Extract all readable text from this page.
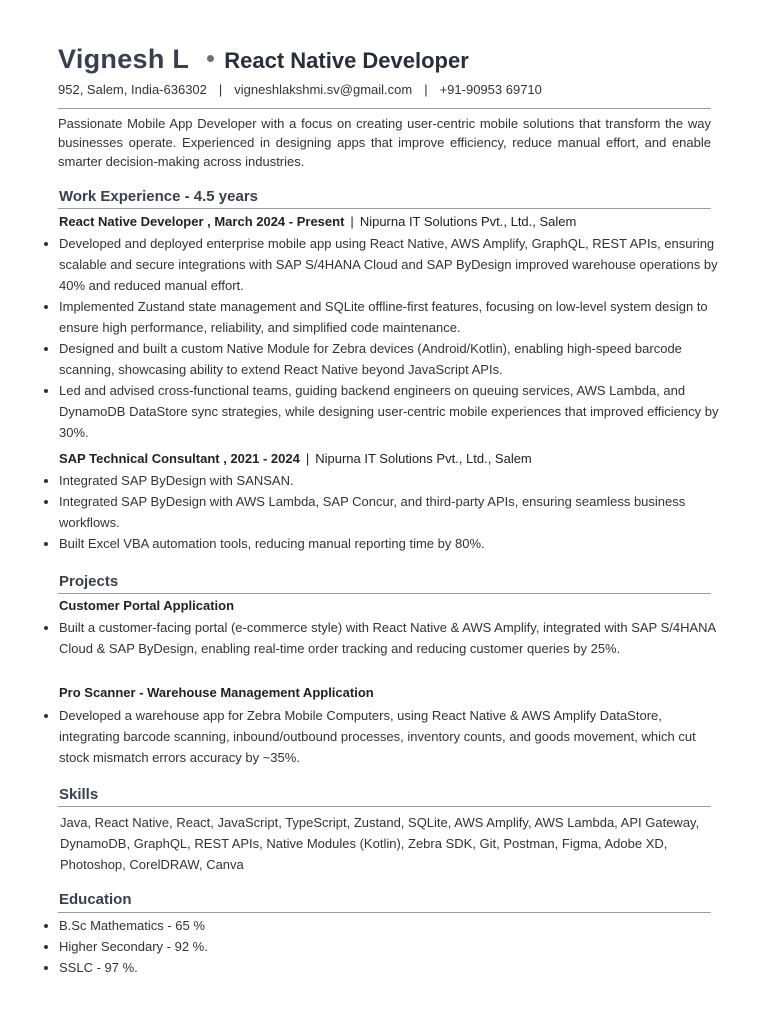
Vignesh L React Native Developer
952, Salem, India-636302 | vigneshlakshmi.sv@gmail.com | +91-90953 69710
Passionate Mobile App Developer with a focus on creating user-centric mobile solutions that transform the way businesses operate. Experienced in designing apps that improve efficiency, reduce manual effort, and enable smarter decision-making across industries.
Work Experience - 4.5 years
React Native Developer , March 2024 - Present | Nipurna IT Solutions Pvt., Ltd., Salem
• Developed and deployed enterprise mobile app using React Native, AWS Amplify, GraphQL, REST APIs, ensuring scalable and secure integrations with SAP S/4HANA Cloud and SAP ByDesign improved warehouse operations by 40% and reduced manual effort.
• Implemented Zustand state management and SQLite offline-first features, focusing on low-level system design to ensure high performance, reliability, and simplified code maintenance.
• Designed and built a custom Native Module for Zebra devices (Android/Kotlin), enabling high-speed barcode scanning, showcasing ability to extend React Native beyond JavaScript APIs.
• Led and advised cross-functional teams, guiding backend engineers on queuing services, AWS Lambda, and DynamoDB DataStore sync strategies, while designing user-centric mobile experiences that improved efficiency by 30%.
SAP Technical Consultant , 2021 - 2024 | Nipurna IT Solutions Pvt., Ltd., Salem
• Integrated SAP ByDesign with SANSAN.
• Integrated SAP ByDesign with AWS Lambda, SAP Concur, and third-party APIs, ensuring seamless business workflows.
• Built Excel VBA automation tools, reducing manual reporting time by 80%.
Projects
Customer Portal Application
• Built a customer-facing portal (e-commerce style) with React Native & AWS Amplify, integrated with SAP S/4HANA Cloud & SAP ByDesign, enabling real-time order tracking and reducing customer queries by 25%.
Pro Scanner - Warehouse Management Application
• Developed a warehouse app for Zebra Mobile Computers, using React Native & AWS Amplify DataStore, integrating barcode scanning, inbound/outbound processes, inventory counts, and goods movement, which cut stock mismatch errors accuracy by ~35%.
Skills
Java, React Native, React, JavaScript, TypeScript, Zustand, SQLite, AWS Amplify, AWS Lambda, API Gateway, DynamoDB, GraphQL, REST APIs, Native Modules (Kotlin), Zebra SDK, Git, Postman, Figma, Adobe XD, Photoshop, CorelDRAW, Canva
Education
• B.Sc Mathematics - 65 %
• Higher Secondary - 92 %.
• SSLC - 97 %.
